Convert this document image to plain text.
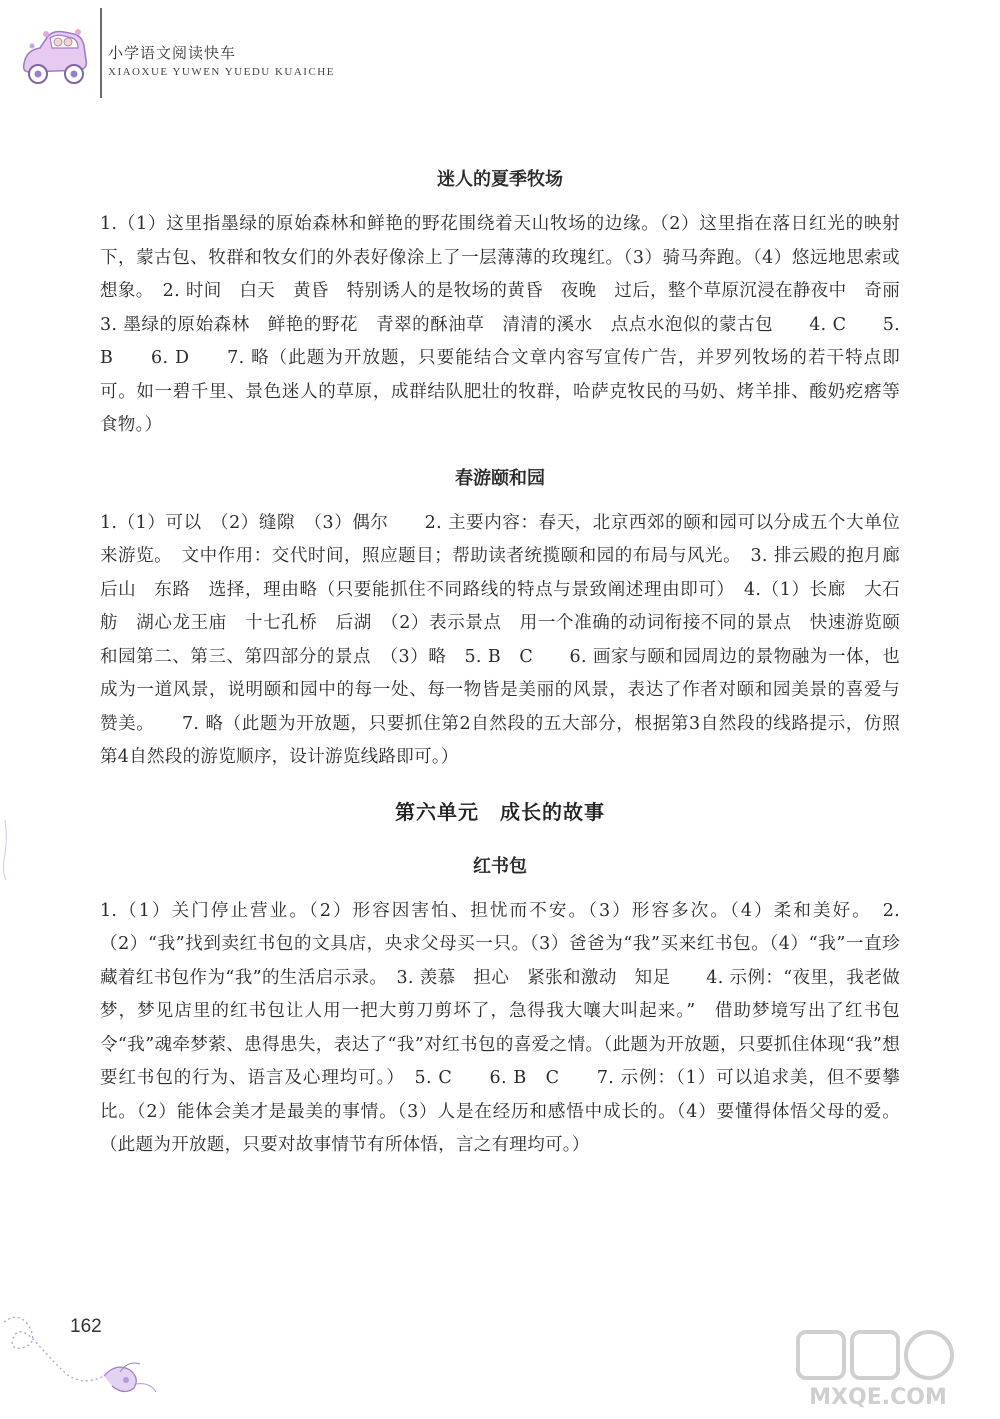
小学语文阅读快车
XIAOXUE YUWEN YUEDU KUAICHE
迷人的夏季牧场

1.（1）这里指墨绿的原始森林和鲜艳的野花围绕着天山牧场的边缘。（2）这里指在落日红光的映射下，蒙古包、牧群和牧女们的外表好像涂上了一层薄薄的玫瑰红。（3）骑马奔跑。（4）悠远地思索或想象。　2. 时间　白天　黄昏　特别诱人的是牧场的黄昏　夜晚　过后，整个草原沉浸在静夜中　奇丽　3. 墨绿的原始森林　鲜艳的野花　青翠的酥油草　清清的溪水　点点水泡似的蒙古包　　4. C　　5. B　　6. D　　7. 略（此题为开放题，只要能结合文章内容写宣传广告，并罗列牧场的若干特点即可。如一碧千里、景色迷人的草原，成群结队肥壮的牧群，哈萨克牧民的马奶、烤羊排、酸奶疙瘩等食物。）

春游颐和园

1.（1）可以　（2）缝隙　（3）偶尔　　2. 主要内容：春天，北京西郊的颐和园可以分成五个大单位来游览。　文中作用：交代时间，照应题目；帮助读者统揽颐和园的布局与风光。　3. 排云殿的抱月廊　后山　东路　选择，理由略（只要能抓住不同路线的特点与景致阐述理由即可）　4.（1）长廊　大石舫　湖心龙王庙　十七孔桥　后湖　（2）表示景点　用一个准确的动词衔接不同的景点　快速游览颐和园第二、第三、第四部分的景点　（3）略　5. B　C　　6. 画家与颐和园周边的景物融为一体，也成为一道风景，说明颐和园中的每一处、每一物皆是美丽的风景，表达了作者对颐和园美景的喜爱与赞美。　　7. 略（此题为开放题，只要抓住第2自然段的五大部分，根据第3自然段的线路提示，仿照第4自然段的游览顺序，设计游览线路即可。）

第六单元　成长的故事
红书包

1.（1）关门停止营业。（2）形容因害怕、担忧而不安。（3）形容多次。（4）柔和美好。　2.（2）“我”找到卖红书包的文具店，央求父母买一只。（3）爸爸为“我”买来红书包。（4）“我”一直珍藏着红书包作为“我”的生活启示录。　3. 羡慕　担心　紧张和激动　知足　　4. 示例：“夜里，我老做梦，梦见店里的红书包让人用一把大剪刀剪坏了，急得我大嚷大叫起来。”　借助梦境写出了红书包令“我”魂牵梦萦、患得患失，表达了“我”对红书包的喜爱之情。（此题为开放题，只要抓住体现“我”想要红书包的行为、语言及心理均可。）　5. C　　6. B　C　　7. 示例：（1）可以追求美，但不要攀比。（2）能体会美才是最美的事情。（3）人是在经历和感悟中成长的。（4）要懂得体悟父母的爱。（此题为开放题，只要对故事情节有所体悟，言之有理均可。）

162
MXQE.COM
